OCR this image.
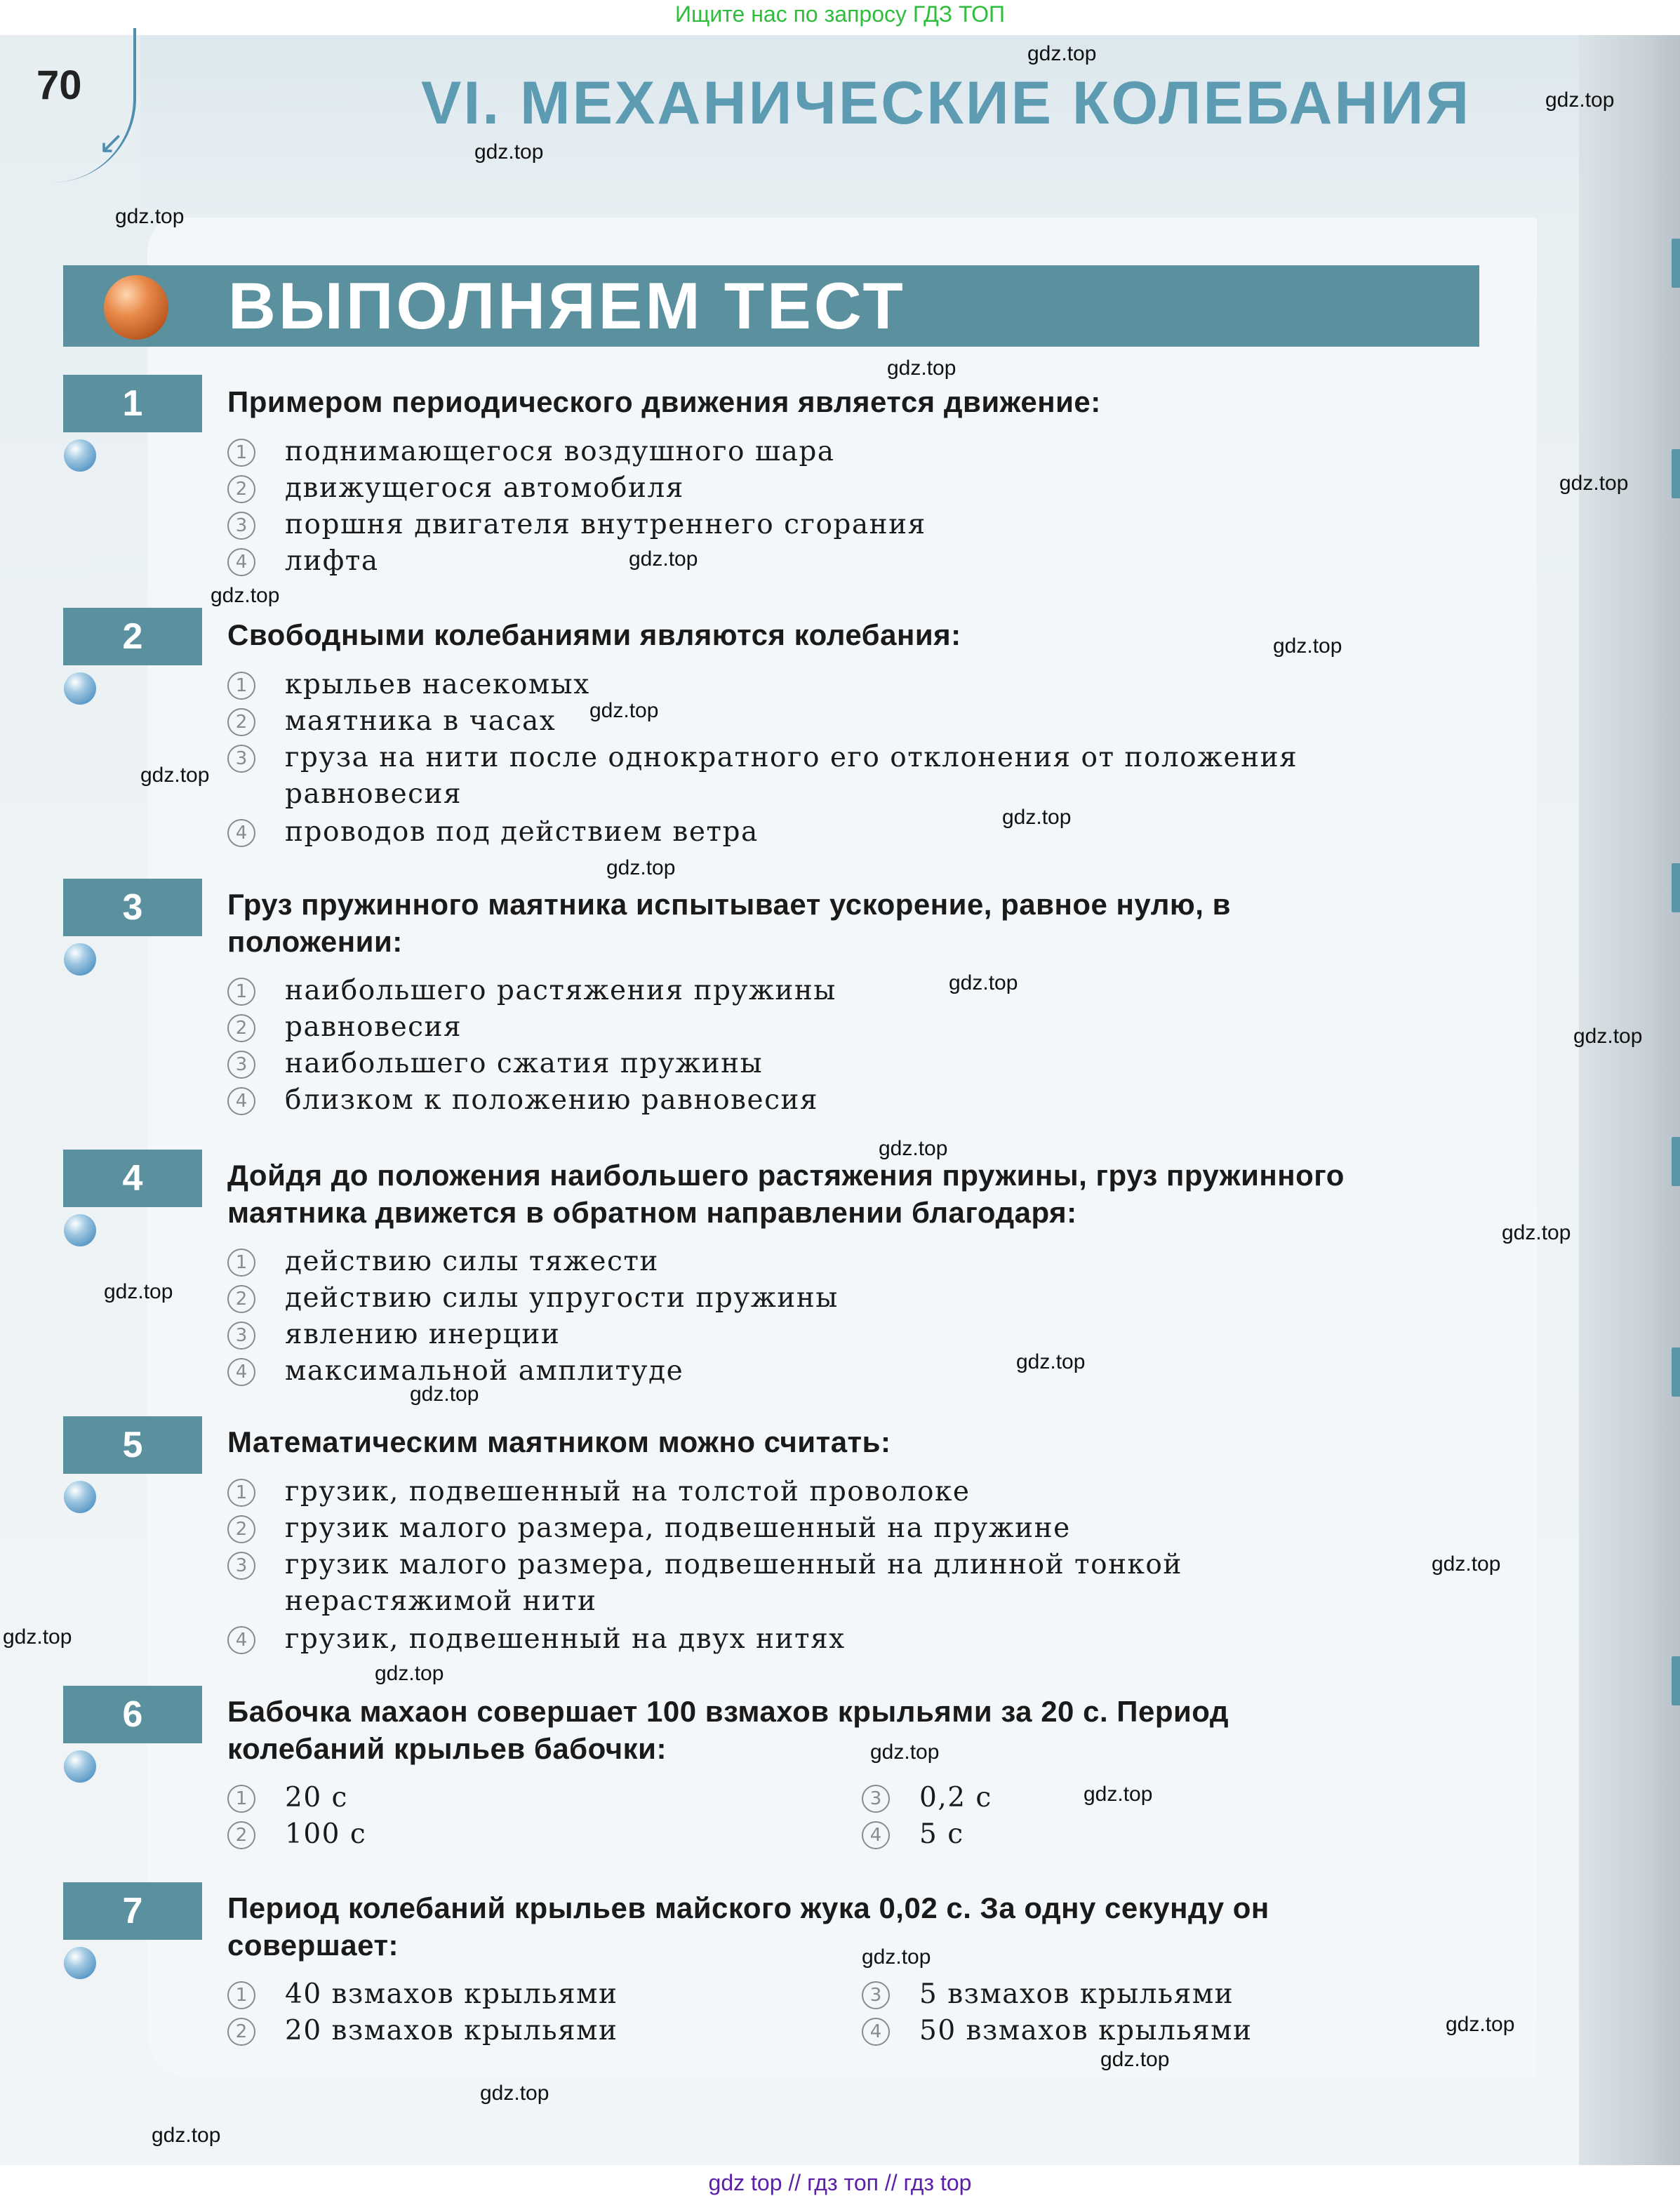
Ищите нас по запросу ГДЗ ТОП
70
↙
VI. МЕХАНИЧЕСКИЕ КОЛЕБАНИЯ
ВЫПОЛНЯЕМ ТЕСТ
1	Примером периодического движения является движение:
1	поднимающегося воздушного шара
2	движущегося автомобиля
3	поршня двигателя внутреннего сгорания
4	лифта
2	Свободными колебаниями являются колебания:
1	крыльев насекомых
2	маятника в часах
3	груза на нити после однократного его отклонения от положения равновесия
4	проводов под действием ветра
3	Груз пружинного маятника испытывает ускорение, равное нулю, в положении:
1	наибольшего растяжения пружины
2	равновесия
3	наибольшего сжатия пружины
4	близком к положению равновесия
4	Дойдя до положения наибольшего растяжения пружины, груз пружинного маятника движется в обратном направлении благодаря:
1	действию силы тяжести
2	действию силы упругости пружины
3	явлению инерции
4	максимальной амплитуде
5	Математическим маятником можно считать:
1	грузик, подвешенный на толстой проволоке
2	грузик малого размера, подвешенный на пружине
3	грузик малого размера, подвешенный на длинной тонкой нерастяжимой нити
4	грузик, подвешенный на двух нитях
6	Бабочка махаон совершает 100 взмахов крыльями за 20 с. Период колебаний крыльев бабочки:
1	20 с
2	100 с
3	0,2 с
4	5 с
7	Период колебаний крыльев майского жука 0,02 с. За одну секунду он совершает:
1	40 взмахов крыльями
2	20 взмахов крыльями
3	5 взмахов крыльями
4	50 взмахов крыльями
gdz.top
gdz.top
gdz.top
gdz.top
gdz.top
gdz.top
gdz.top
gdz.top
gdz.top
gdz.top
gdz.top
gdz.top
gdz.top
gdz.top
gdz.top
gdz.top
gdz.top
gdz.top
gdz.top
gdz.top
gdz.top
gdz.top
gdz.top
gdz.top
gdz.top
gdz.top
gdz.top
gdz.top
gdz.top
gdz.top
gdz top // гдз топ // гдз top
